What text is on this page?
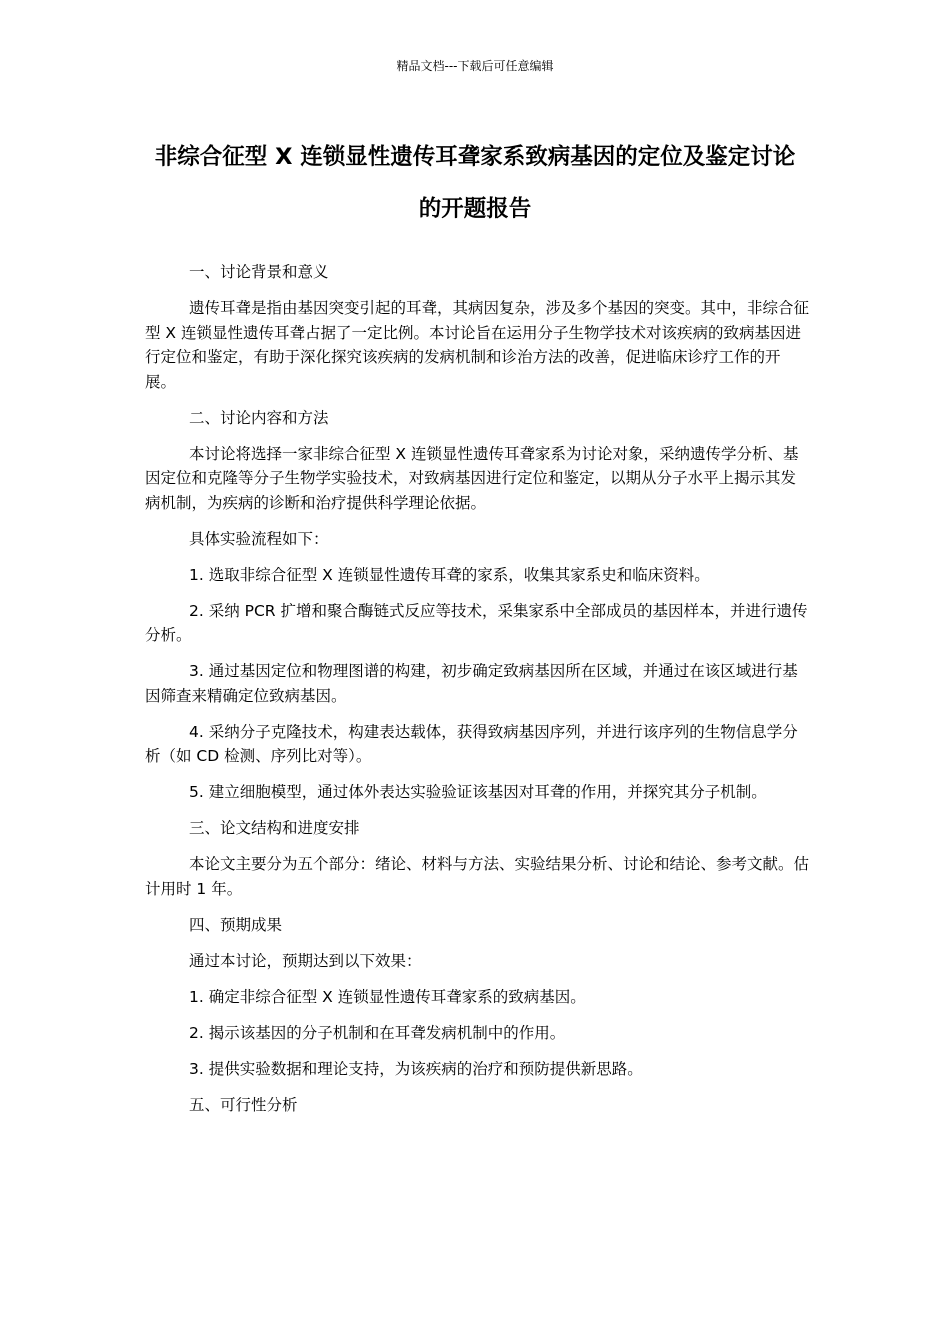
精品文档---下载后可任意编辑
非综合征型 X 连锁显性遗传耳聋家系致病基因的定位及鉴定讨论的开题报告

一、讨论背景和意义

遗传耳聋是指由基因突变引起的耳聋，其病因复杂，涉及多个基因的突变。其中，非综合征型 X 连锁显性遗传耳聋占据了一定比例。本讨论旨在运用分子生物学技术对该疾病的致病基因进行定位和鉴定，有助于深化探究该疾病的发病机制和诊治方法的改善，促进临床诊疗工作的开展。

二、讨论内容和方法

本讨论将选择一家非综合征型 X 连锁显性遗传耳聋家系为讨论对象，采纳遗传学分析、基因定位和克隆等分子生物学实验技术，对致病基因进行定位和鉴定，以期从分子水平上揭示其发病机制，为疾病的诊断和治疗提供科学理论依据。

具体实验流程如下：

1. 选取非综合征型 X 连锁显性遗传耳聋的家系，收集其家系史和临床资料。

2. 采纳 PCR 扩增和聚合酶链式反应等技术，采集家系中全部成员的基因样本，并进行遗传分析。

3. 通过基因定位和物理图谱的构建，初步确定致病基因所在区域，并通过在该区域进行基因筛查来精确定位致病基因。

4. 采纳分子克隆技术，构建表达载体，获得致病基因序列，并进行该序列的生物信息学分析（如 CD 检测、序列比对等）。

5. 建立细胞模型，通过体外表达实验验证该基因对耳聋的作用，并探究其分子机制。

三、论文结构和进度安排

本论文主要分为五个部分：绪论、材料与方法、实验结果分析、讨论和结论、参考文献。估计用时 1 年。

四、预期成果

通过本讨论，预期达到以下效果：

1. 确定非综合征型 X 连锁显性遗传耳聋家系的致病基因。

2. 揭示该基因的分子机制和在耳聋发病机制中的作用。

3. 提供实验数据和理论支持，为该疾病的治疗和预防提供新思路。

五、可行性分析
